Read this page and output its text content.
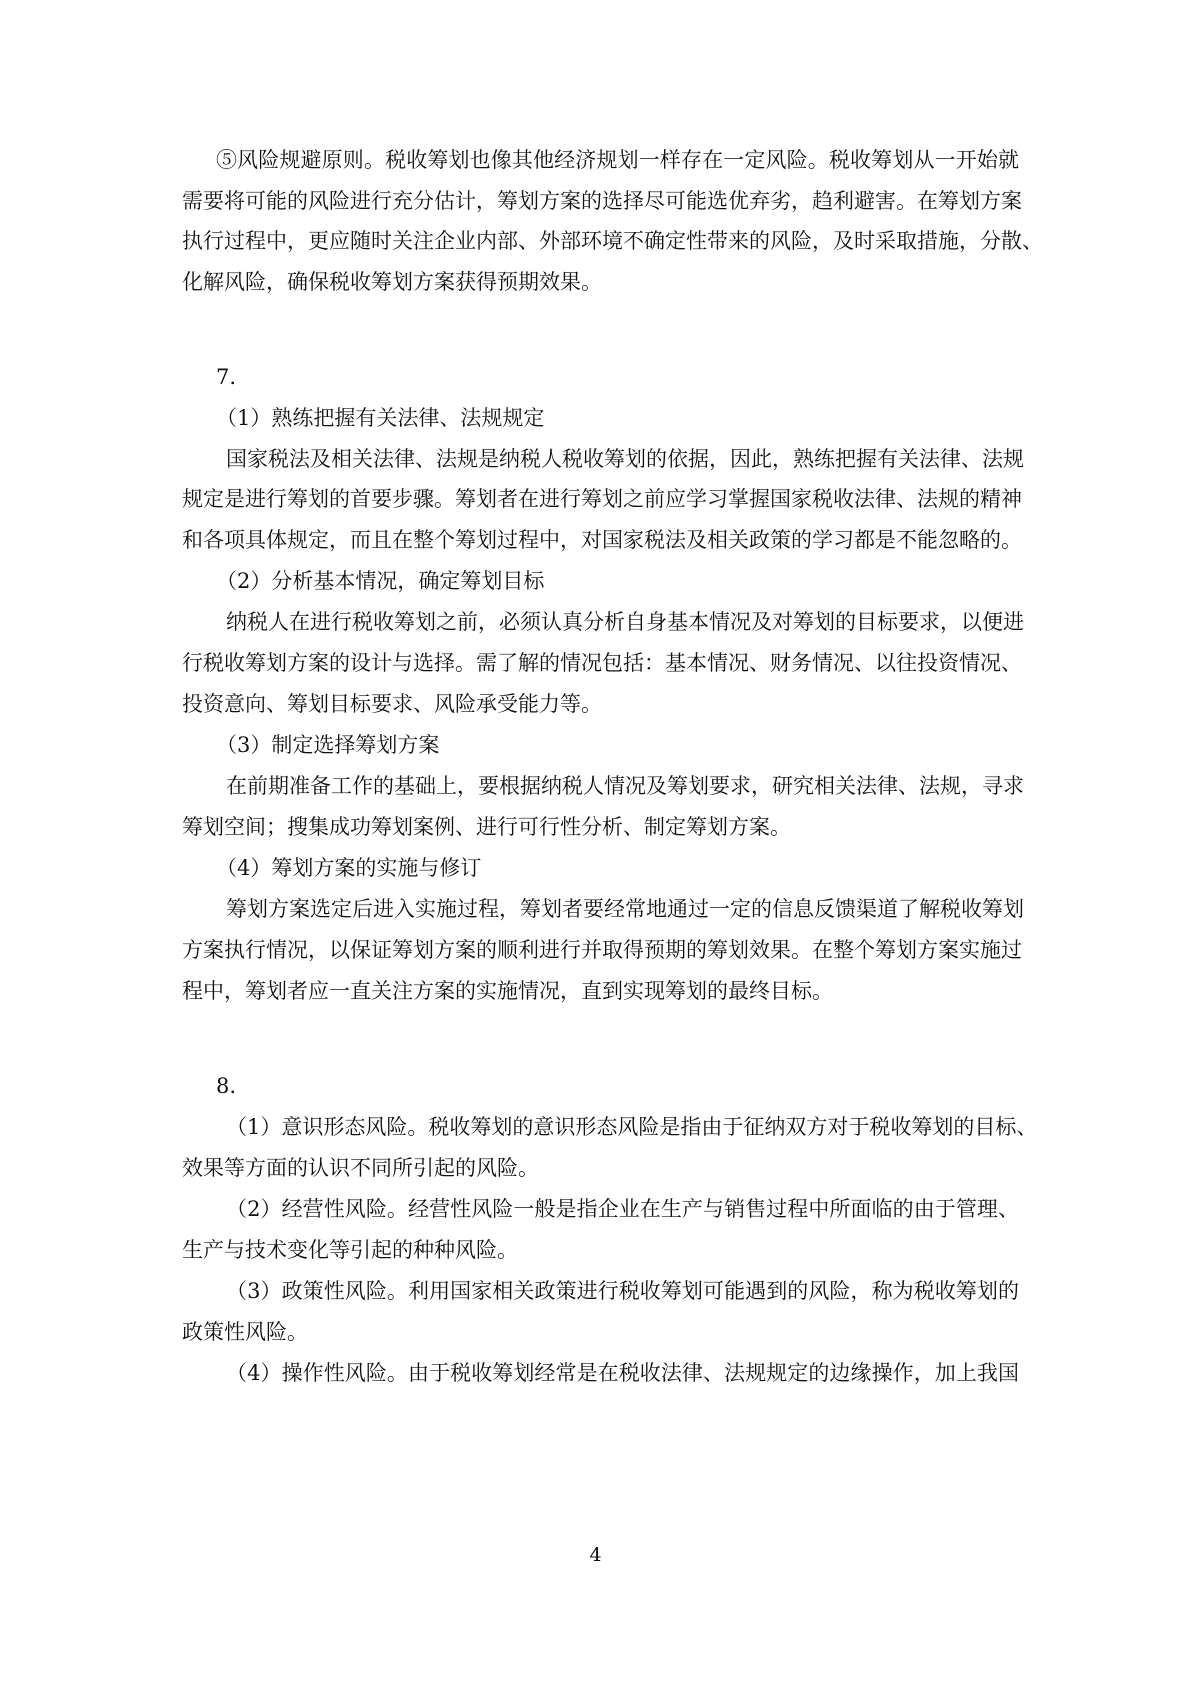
⑤风险规避原则。税收筹划也像其他经济规划一样存在一定风险。税收筹划从一开始就

需要将可能的风险进行充分估计，筹划方案的选择尽可能选优弃劣，趋利避害。在筹划方案

执行过程中，更应随时关注企业内部、外部环境不确定性带来的风险，及时采取措施，分散、

化解风险，确保税收筹划方案获得预期效果。

7.

（1）熟练把握有关法律、法规规定

国家税法及相关法律、法规是纳税人税收筹划的依据，因此，熟练把握有关法律、法规

规定是进行筹划的首要步骤。筹划者在进行筹划之前应学习掌握国家税收法律、法规的精神

和各项具体规定，而且在整个筹划过程中，对国家税法及相关政策的学习都是不能忽略的。

（2）分析基本情况，确定筹划目标

纳税人在进行税收筹划之前，必须认真分析自身基本情况及对筹划的目标要求，以便进

行税收筹划方案的设计与选择。需了解的情况包括：基本情况、财务情况、以往投资情况、

投资意向、筹划目标要求、风险承受能力等。

（3）制定选择筹划方案

在前期准备工作的基础上，要根据纳税人情况及筹划要求，研究相关法律、法规，寻求

筹划空间；搜集成功筹划案例、进行可行性分析、制定筹划方案。

（4）筹划方案的实施与修订

筹划方案选定后进入实施过程，筹划者要经常地通过一定的信息反馈渠道了解税收筹划

方案执行情况，以保证筹划方案的顺利进行并取得预期的筹划效果。在整个筹划方案实施过

程中，筹划者应一直关注方案的实施情况，直到实现筹划的最终目标。

8.

（1）意识形态风险。税收筹划的意识形态风险是指由于征纳双方对于税收筹划的目标、

效果等方面的认识不同所引起的风险。

（2）经营性风险。经营性风险一般是指企业在生产与销售过程中所面临的由于管理、

生产与技术变化等引起的种种风险。

（3）政策性风险。利用国家相关政策进行税收筹划可能遇到的风险，称为税收筹划的

政策性风险。

（4）操作性风险。由于税收筹划经常是在税收法律、法规规定的边缘操作，加上我国

4
